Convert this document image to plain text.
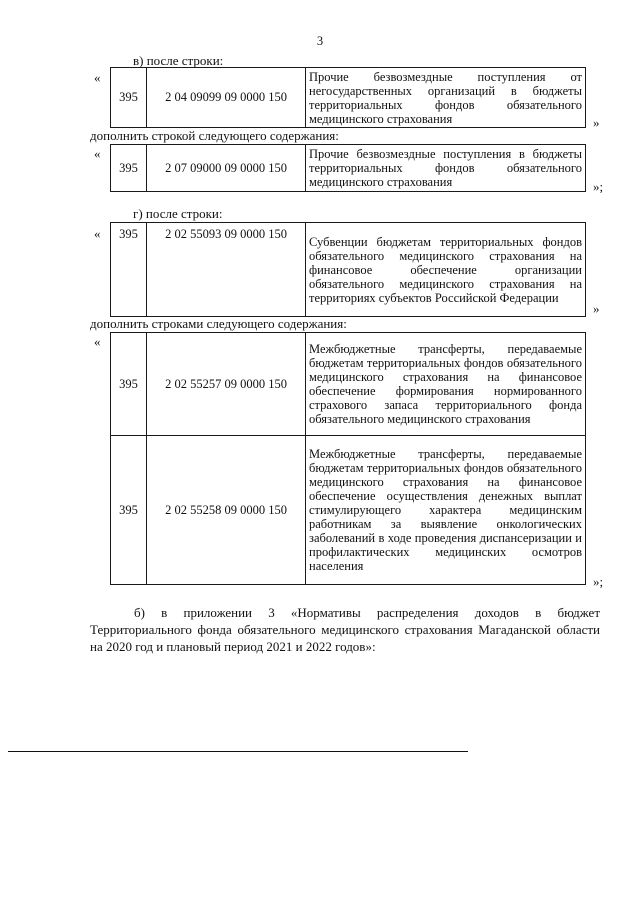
3
в) после строки:
«
395	2 04 09099 09 0000 150	Прочие безвозмездные поступления от негосударственных организаций в бюджеты территориальных фондов обязательного медицинского страхования	»
дополнить строкой следующего содержания:
«
395	2 07 09000 09 0000 150	Прочие безвозмездные поступления в бюджеты территориальных фондов обязательного медицинского страхования	»;
г) после строки:
« 395	2 02 55093 09 0000 150	Субвенции бюджетам территориальных фондов обязательного медицинского страхования на финансовое обеспечение организации обязательного медицинского страхования на территориях субъектов Российской Федерации
»
дополнить строками следующего содержания:
«
395	2 02 55257 09 0000 150	Межбюджетные трансферты, передаваемые бюджетам территориальных фондов обязательного медицинского страхования на финансовое обеспечение формирования нормированного страхового запаса территориального фонда обязательного медицинского страхования
395	2 02 55258 09 0000 150	Межбюджетные трансферты, передаваемые бюджетам территориальных фондов обязательного медицинского страхования на финансовое обеспечение осуществления денежных выплат стимулирующего характера медицинским работникам за выявление онкологических заболеваний в ходе проведения диспансеризации и профилактических медицинских осмотров населения
»;
б) в приложении 3 «Нормативы распределения доходов в бюджет Территориального фонда обязательного медицинского страхования Магаданской области на 2020 год и плановый период 2021 и 2022 годов»:
